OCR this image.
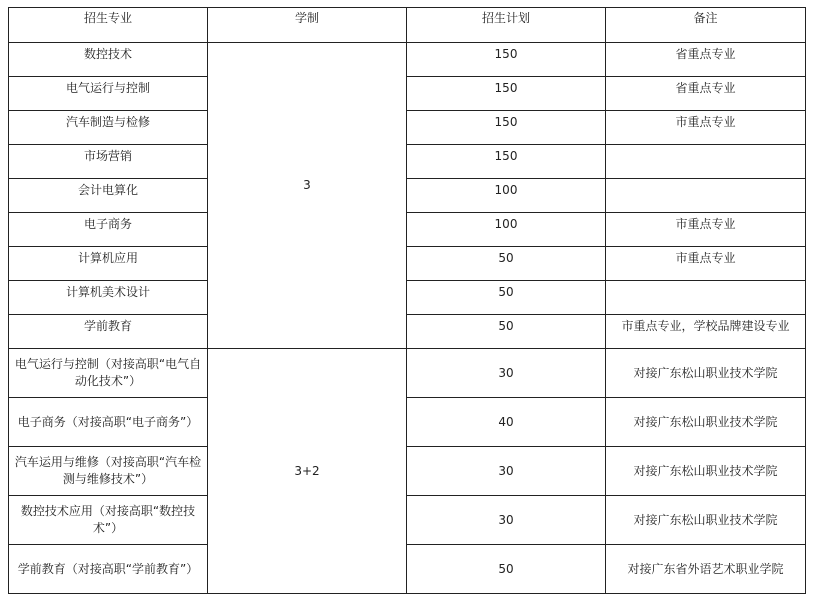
招生专业	学制	招生计划	备注
数控技术	3	150	省重点专业
电气运行与控制		150	省重点专业
汽车制造与检修		150	市重点专业
市场营销		150	
会计电算化		100	
电子商务		100	市重点专业
计算机应用		50	市重点专业
计算机美术设计		50	
学前教育		50	市重点专业，学校品牌建设专业
电气运行与控制（对接高职“电气自动化技术”）	3+2	30	对接广东松山职业技术学院
电子商务（对接高职“电子商务”）		40	对接广东松山职业技术学院
汽车运用与维修（对接高职“汽车检测与维修技术”）		30	对接广东松山职业技术学院
数控技术应用（对接高职“数控技术”）		30	对接广东松山职业技术学院
学前教育（对接高职“学前教育”）		50	对接广东省外语艺术职业学院
